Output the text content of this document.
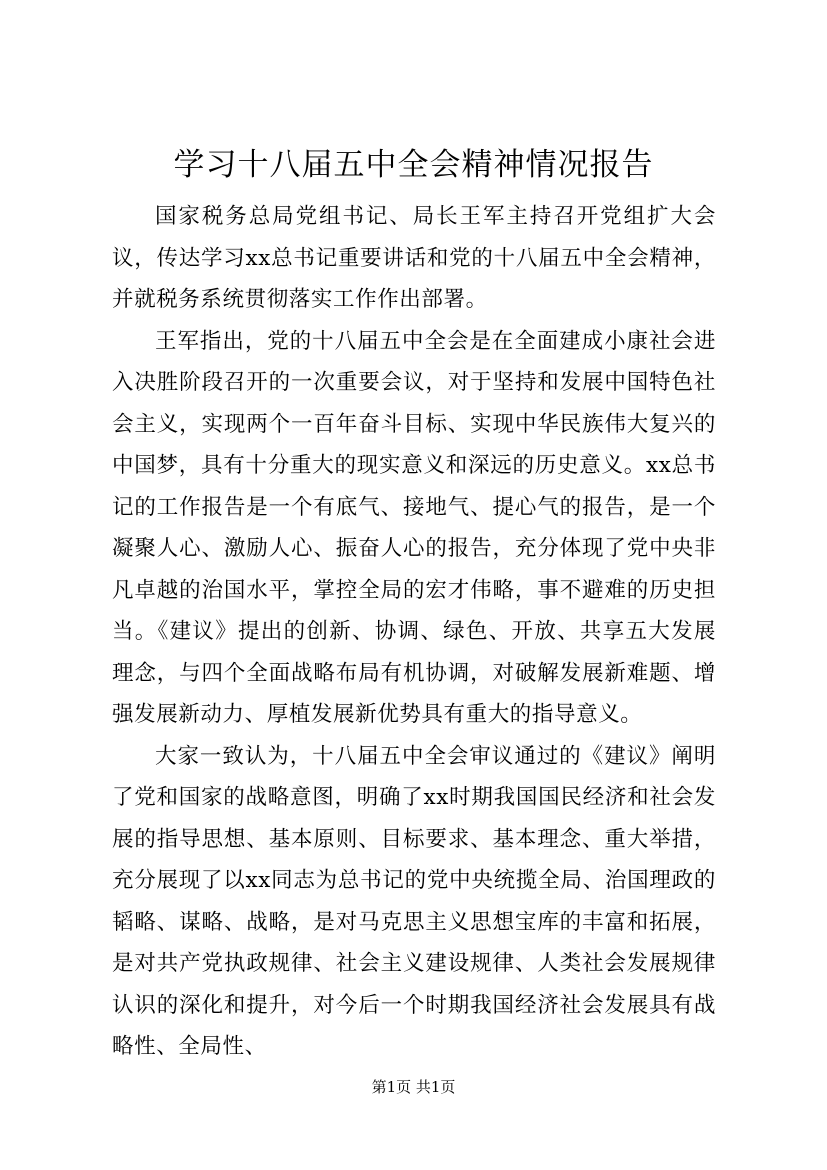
学习十八届五中全会精神情况报告

国家税务总局党组书记、局长王军主持召开党组扩大会议，传达学习xx总书记重要讲话和党的十八届五中全会精神，并就税务系统贯彻落实工作作出部署。

王军指出，党的十八届五中全会是在全面建成小康社会进入决胜阶段召开的一次重要会议，对于坚持和发展中国特色社会主义，实现两个一百年奋斗目标、实现中华民族伟大复兴的中国梦，具有十分重大的现实意义和深远的历史意义。xx总书记的工作报告是一个有底气、接地气、提心气的报告，是一个凝聚人心、激励人心、振奋人心的报告，充分体现了党中央非凡卓越的治国水平，掌控全局的宏才伟略，事不避难的历史担当。《建议》提出的创新、协调、绿色、开放、共享五大发展理念，与四个全面战略布局有机协调，对破解发展新难题、增强发展新动力、厚植发展新优势具有重大的指导意义。

大家一致认为，十八届五中全会审议通过的《建议》阐明了党和国家的战略意图，明确了xx时期我国国民经济和社会发展的指导思想、基本原则、目标要求、基本理念、重大举措，充分展现了以xx同志为总书记的党中央统揽全局、治国理政的韬略、谋略、战略，是对马克思主义思想宝库的丰富和拓展，是对共产党执政规律、社会主义建设规律、人类社会发展规律认识的深化和提升，对今后一个时期我国经济社会发展具有战略性、全局性、

第1页 共1页
